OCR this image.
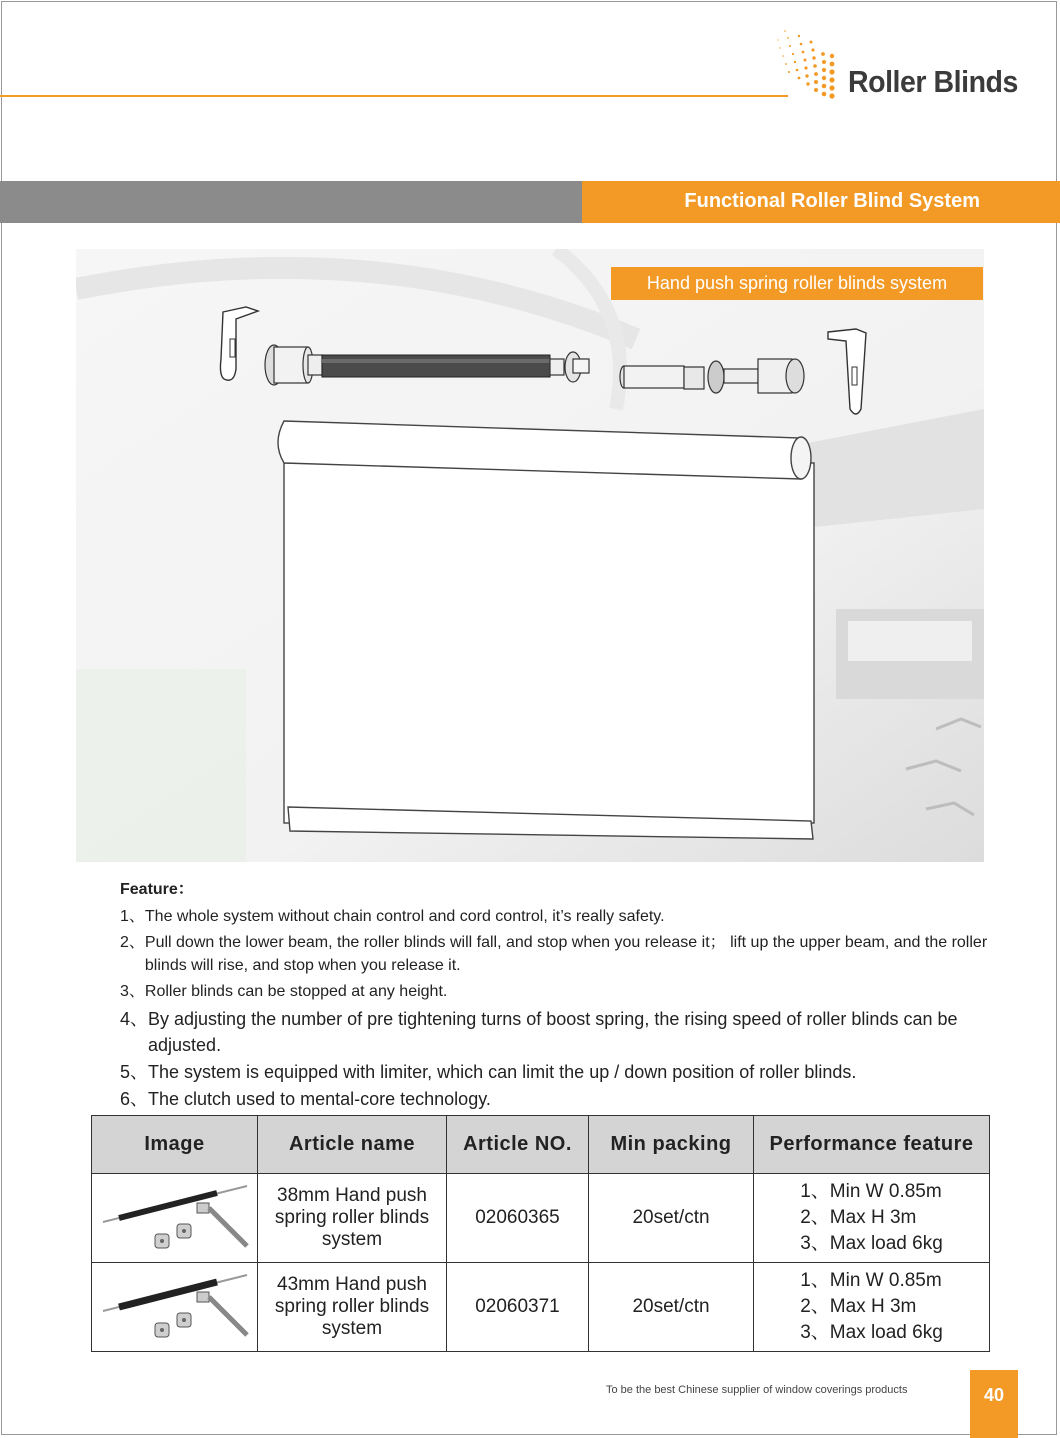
Roller Blinds
Functional Roller Blind System
Hand push spring roller blinds system
Feature：
1、 The whole system without chain control and cord control, it’s really safety.
2、 Pull down the lower beam, the roller blinds will fall, and stop when you release it； lift up the upper beam, and the roller blinds will rise, and stop when you release it.
3、 Roller blinds can be stopped at any height.
4、 By adjusting the number of pre tightening turns of boost spring, the rising speed of roller blinds can be adjusted.
5、 The system is equipped with limiter, which can limit the up / down position of roller blinds.
6、 The clutch used to mental-core technology.
Image	Article name	Article NO.	Min packing	Performance feature

	38mm Hand push spring roller blinds system	02060365	20set/ctn	1、Min W 0.85m
2、Max H 3m
3、Max load 6kg

	43mm Hand push spring roller blinds system	02060371	20set/ctn	1、Min W 0.85m
2、Max H 3m
3、Max load 6kg
To be the best Chinese supplier of window coverings products	40
